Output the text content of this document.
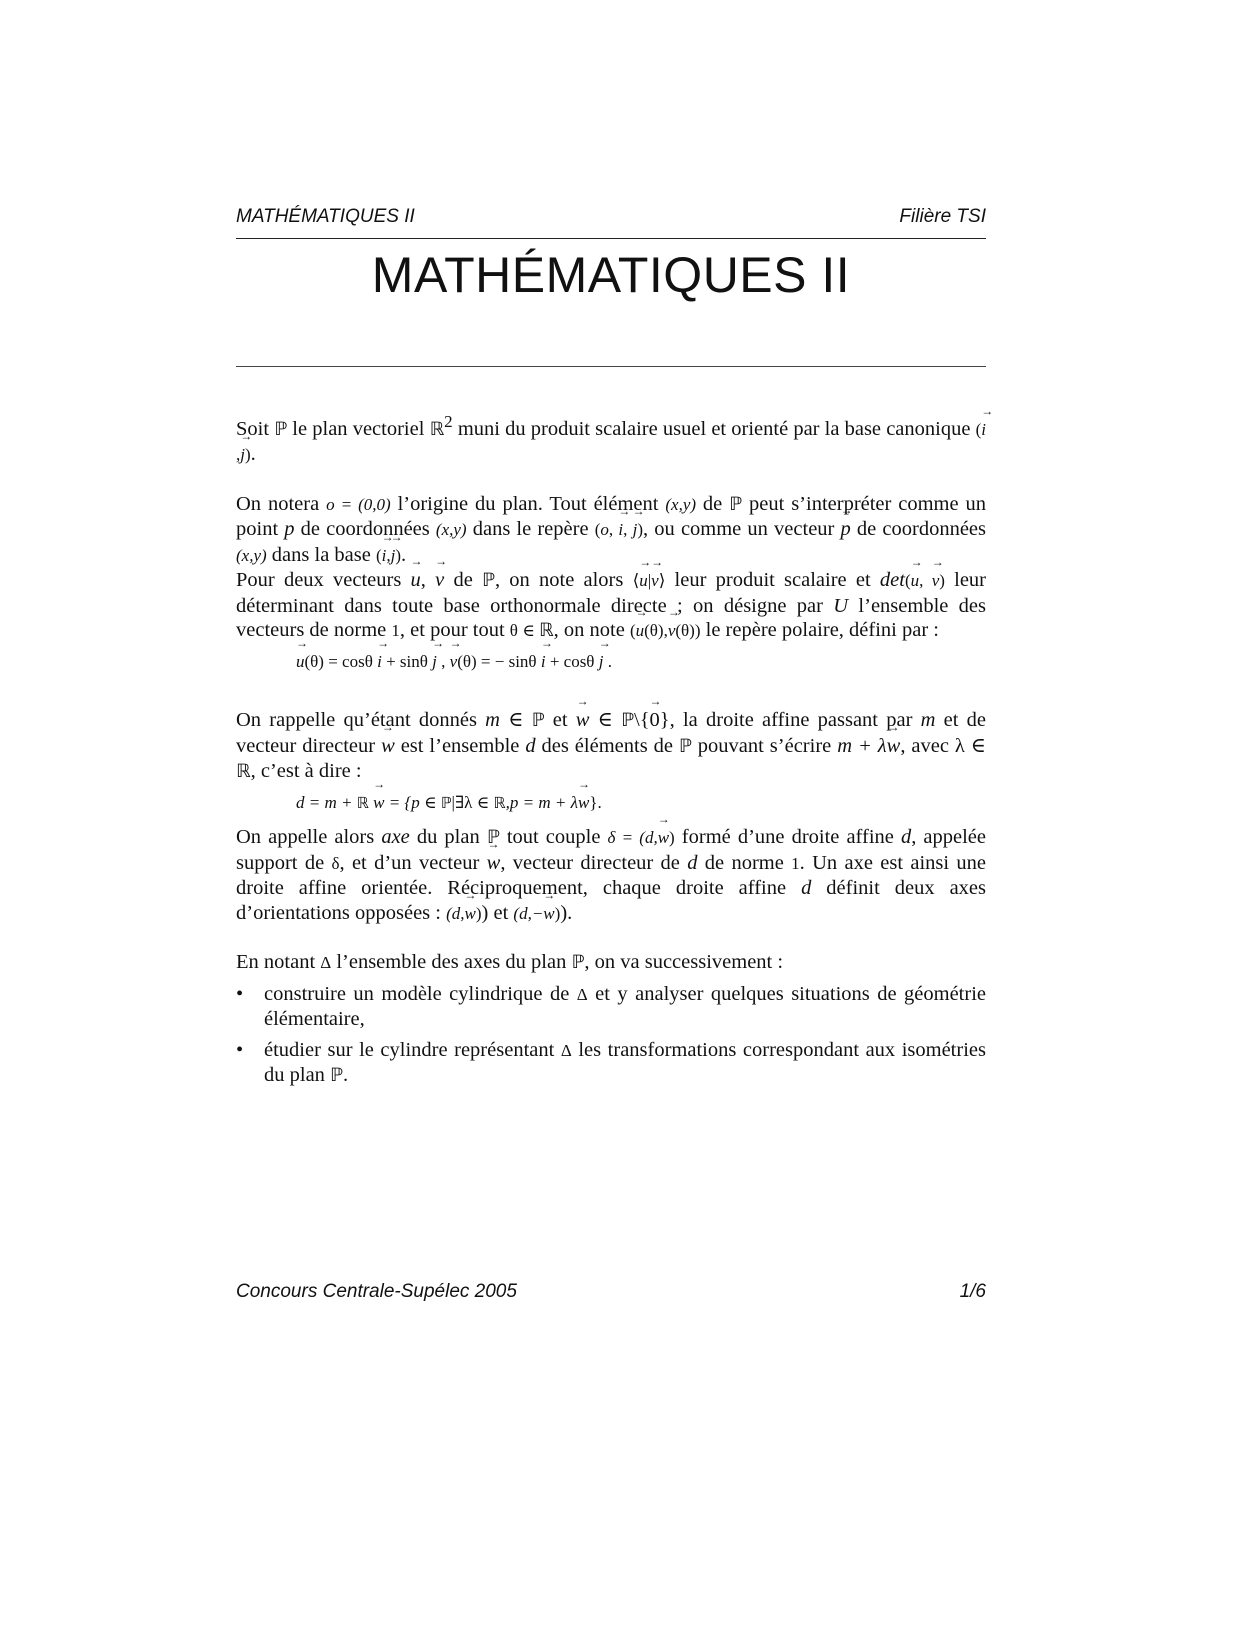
MATHÉMATIQUES II	Filière TSI
MATHÉMATIQUES II

Soit ℙ le plan vectoriel ℝ$^2$ muni du produit scalaire usuel et orienté par la base canonique (→ i,→ j).

On notera o = (0,0) l’origine du plan. Tout élément (x,y) de ℙ peut s’interpréter comme un point p de coordonnées (x,y) dans le repère (o, → i, → j), ou comme un vecteur → p de coordonnées (x,y) dans la base (→ i,→ j).

Pour deux vecteurs → u, → v de ℙ, on note alors ⟨→ u|→ v⟩ leur produit scalaire et det(→ u, → v) leur déterminant dans toute base orthonormale directe ; on désigne par U l’ensemble des vecteurs de norme 1, et pour tout θ ∈ ℝ, on note (→ u(θ),→ v(θ)) le repère polaire, défini par :

→ u(θ) = cosθ → i + sinθ → j , → v(θ) = − sinθ → i + cosθ → j .

On rappelle qu’étant donnés m ∈ ℙ et → w ∈ ℙ\{→ 0}, la droite affine passant par m et de vecteur directeur → w est l’ensemble d des éléments de ℙ pouvant s’écrire m + λ→ w, avec λ ∈ ℝ, c’est à dire :

d = m + ℝ → w = {p ∈ ℙ|∃λ ∈ ℝ,p = m + λ→ w}.

On appelle alors axe du plan ℙ tout couple δ = (d,→ w) formé d’une droite affine d, appelée support de δ, et d’un vecteur → w, vecteur directeur de d de norme 1. Un axe est ainsi une droite affine orientée. Réciproquement, chaque droite affine d définit deux axes d’orientations opposées : (d,→ w)) et (d,−→ w)).

En notant Δ l’ensemble des axes du plan ℙ, on va successivement :

• construire un modèle cylindrique de Δ et y analyser quelques situations de géométrie élémentaire,
• étudier sur le cylindre représentant Δ les transformations correspondant aux isométries du plan ℙ.
Concours Centrale-Supélec 2005	1/6
